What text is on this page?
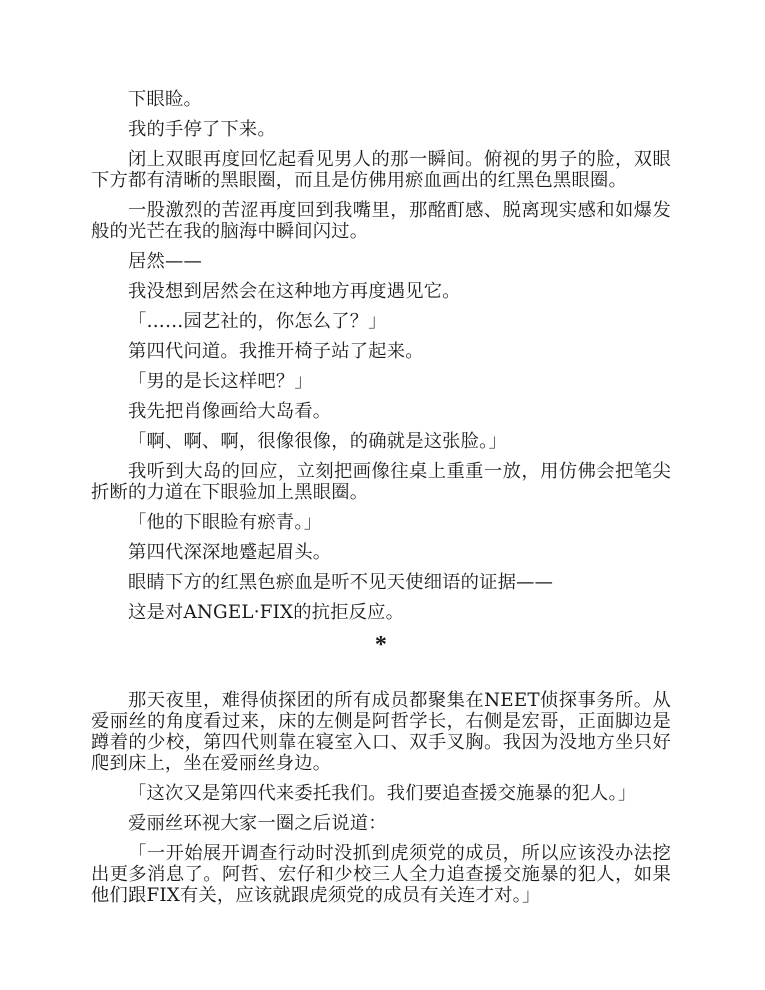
下眼睑。

我的手停了下来。

闭上双眼再度回忆起看见男人的那一瞬间。俯视的男子的脸，双眼下方都有清晰的黑眼圈，而且是仿佛用瘀血画出的红黑色黑眼圈。

一股激烈的苦涩再度回到我嘴里，那酩酊感、脱离现实感和如爆发般的光芒在我的脑海中瞬间闪过。

居然——

我没想到居然会在这种地方再度遇见它。

「……园艺社的，你怎么了？」

第四代问道。我推开椅子站了起来。

「男的是长这样吧？」

我先把肖像画给大岛看。

「啊、啊、啊，很像很像，的确就是这张脸。」

我听到大岛的回应，立刻把画像往桌上重重一放，用仿佛会把笔尖折断的力道在下眼验加上黑眼圈。

「他的下眼睑有瘀青。」

第四代深深地蹙起眉头。

眼睛下方的红黑色瘀血是听不见天使细语的证据——

这是对ANGEL·FIX的抗拒反应。

*

那天夜里，难得侦探团的所有成员都聚集在NEET侦探事务所。从爱丽丝的角度看过来，床的左侧是阿哲学长，右侧是宏哥，正面脚边是蹲着的少校，第四代则靠在寝室入口、双手叉胸。我因为没地方坐只好爬到床上，坐在爱丽丝身边。

「这次又是第四代来委托我们。我们要追查援交施暴的犯人。」

爱丽丝环视大家一圈之后说道：

「一开始展开调查行动时没抓到虎须党的成员，所以应该没办法挖出更多消息了。阿哲、宏仔和少校三人全力追查援交施暴的犯人，如果他们跟FIX有关，应该就跟虎须党的成员有关连才对。」
